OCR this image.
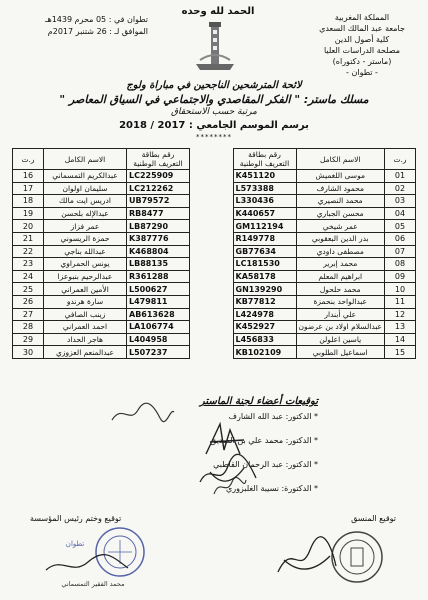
الحمد لله وحده
المملكة المغربية
جامعة عبد المالك السعدي
كلية أصول الدين
مصلحة الدراسات العليا
(ماستر - دكتوراه)
- تطوان -
تطوان في : 05 محرم 1439هـ
الموافق لـ : 26 شتنبر 2017م
لائحة المترشحين الناجحين في مباراة ولوج
مسلك ماستر: " الفكر المقاصدي والاجتماعي في السياق المعاصر "
مرتبة حسب الاستحقاق
برسم الموسم الجامعي : 2017 / 2018
********
ر.ت	الاسم الكامل	رقم بطاقة التعريف الوطنية
01	موسى اللغميش	K451120
02	محمود الشارف	L573388
03	محمد النصيري	L330436
04	محسن الجباري	K440657
05	عمر شيخي	GM112194
06	بدر الدين البعقوبي	R149778
07	مصطفى داودي	GB77634
08	محمد إبرير	LC181530
09	ابراهيم المعلم	KA58178
10	محمد حلحول	GN139290
11	عبدالواحد بنحمزة	KB77812
12	علي أبندار	L424978
13	عبدالسلام اولاد بن عرضون	K452927
14	ياسين اعلولن	L456833
15	اسماعيل الطلوبي	KB102109
رقم بطاقة التعريف الوطنية	الاسم الكامل	ر.ت
LC225909	عبدالكريم التمسماني	16
LC212262	سليمان اولوان	17
UB79572	ادريس ايت مالك	18
RB8477	عبدالإله بلحسن	19
LB87290	عمر فزاز	20
K387776	حمزة الريسوني	21
K468804	عبدالله بناجي	22
LB88135	يونس الحمراوي	23
R361288	عبدالرحيم بنبوعزا	24
L500627	الأمين العمراني	25
L479811	سارة هرندو	26
AB613628	زينب الصافي	27
LA106774	احمد العمراني	28
L404958	هاجر الحداد	29
L507237	عبدالمنعم العزوزي	30
توقيعات أعضاء لجنة الماستر
* الدكتور: عبد الله الشارف
* الدكتور: محمد علي بن الصديق
* الدكتور: عبد الرحمان القاطبي
* الدكتورة: نسيبة الغلبزوري
توقيع المنسق
توقيع وختم رئيس المؤسسة
تطوان
محمد الفقير التمسماني
